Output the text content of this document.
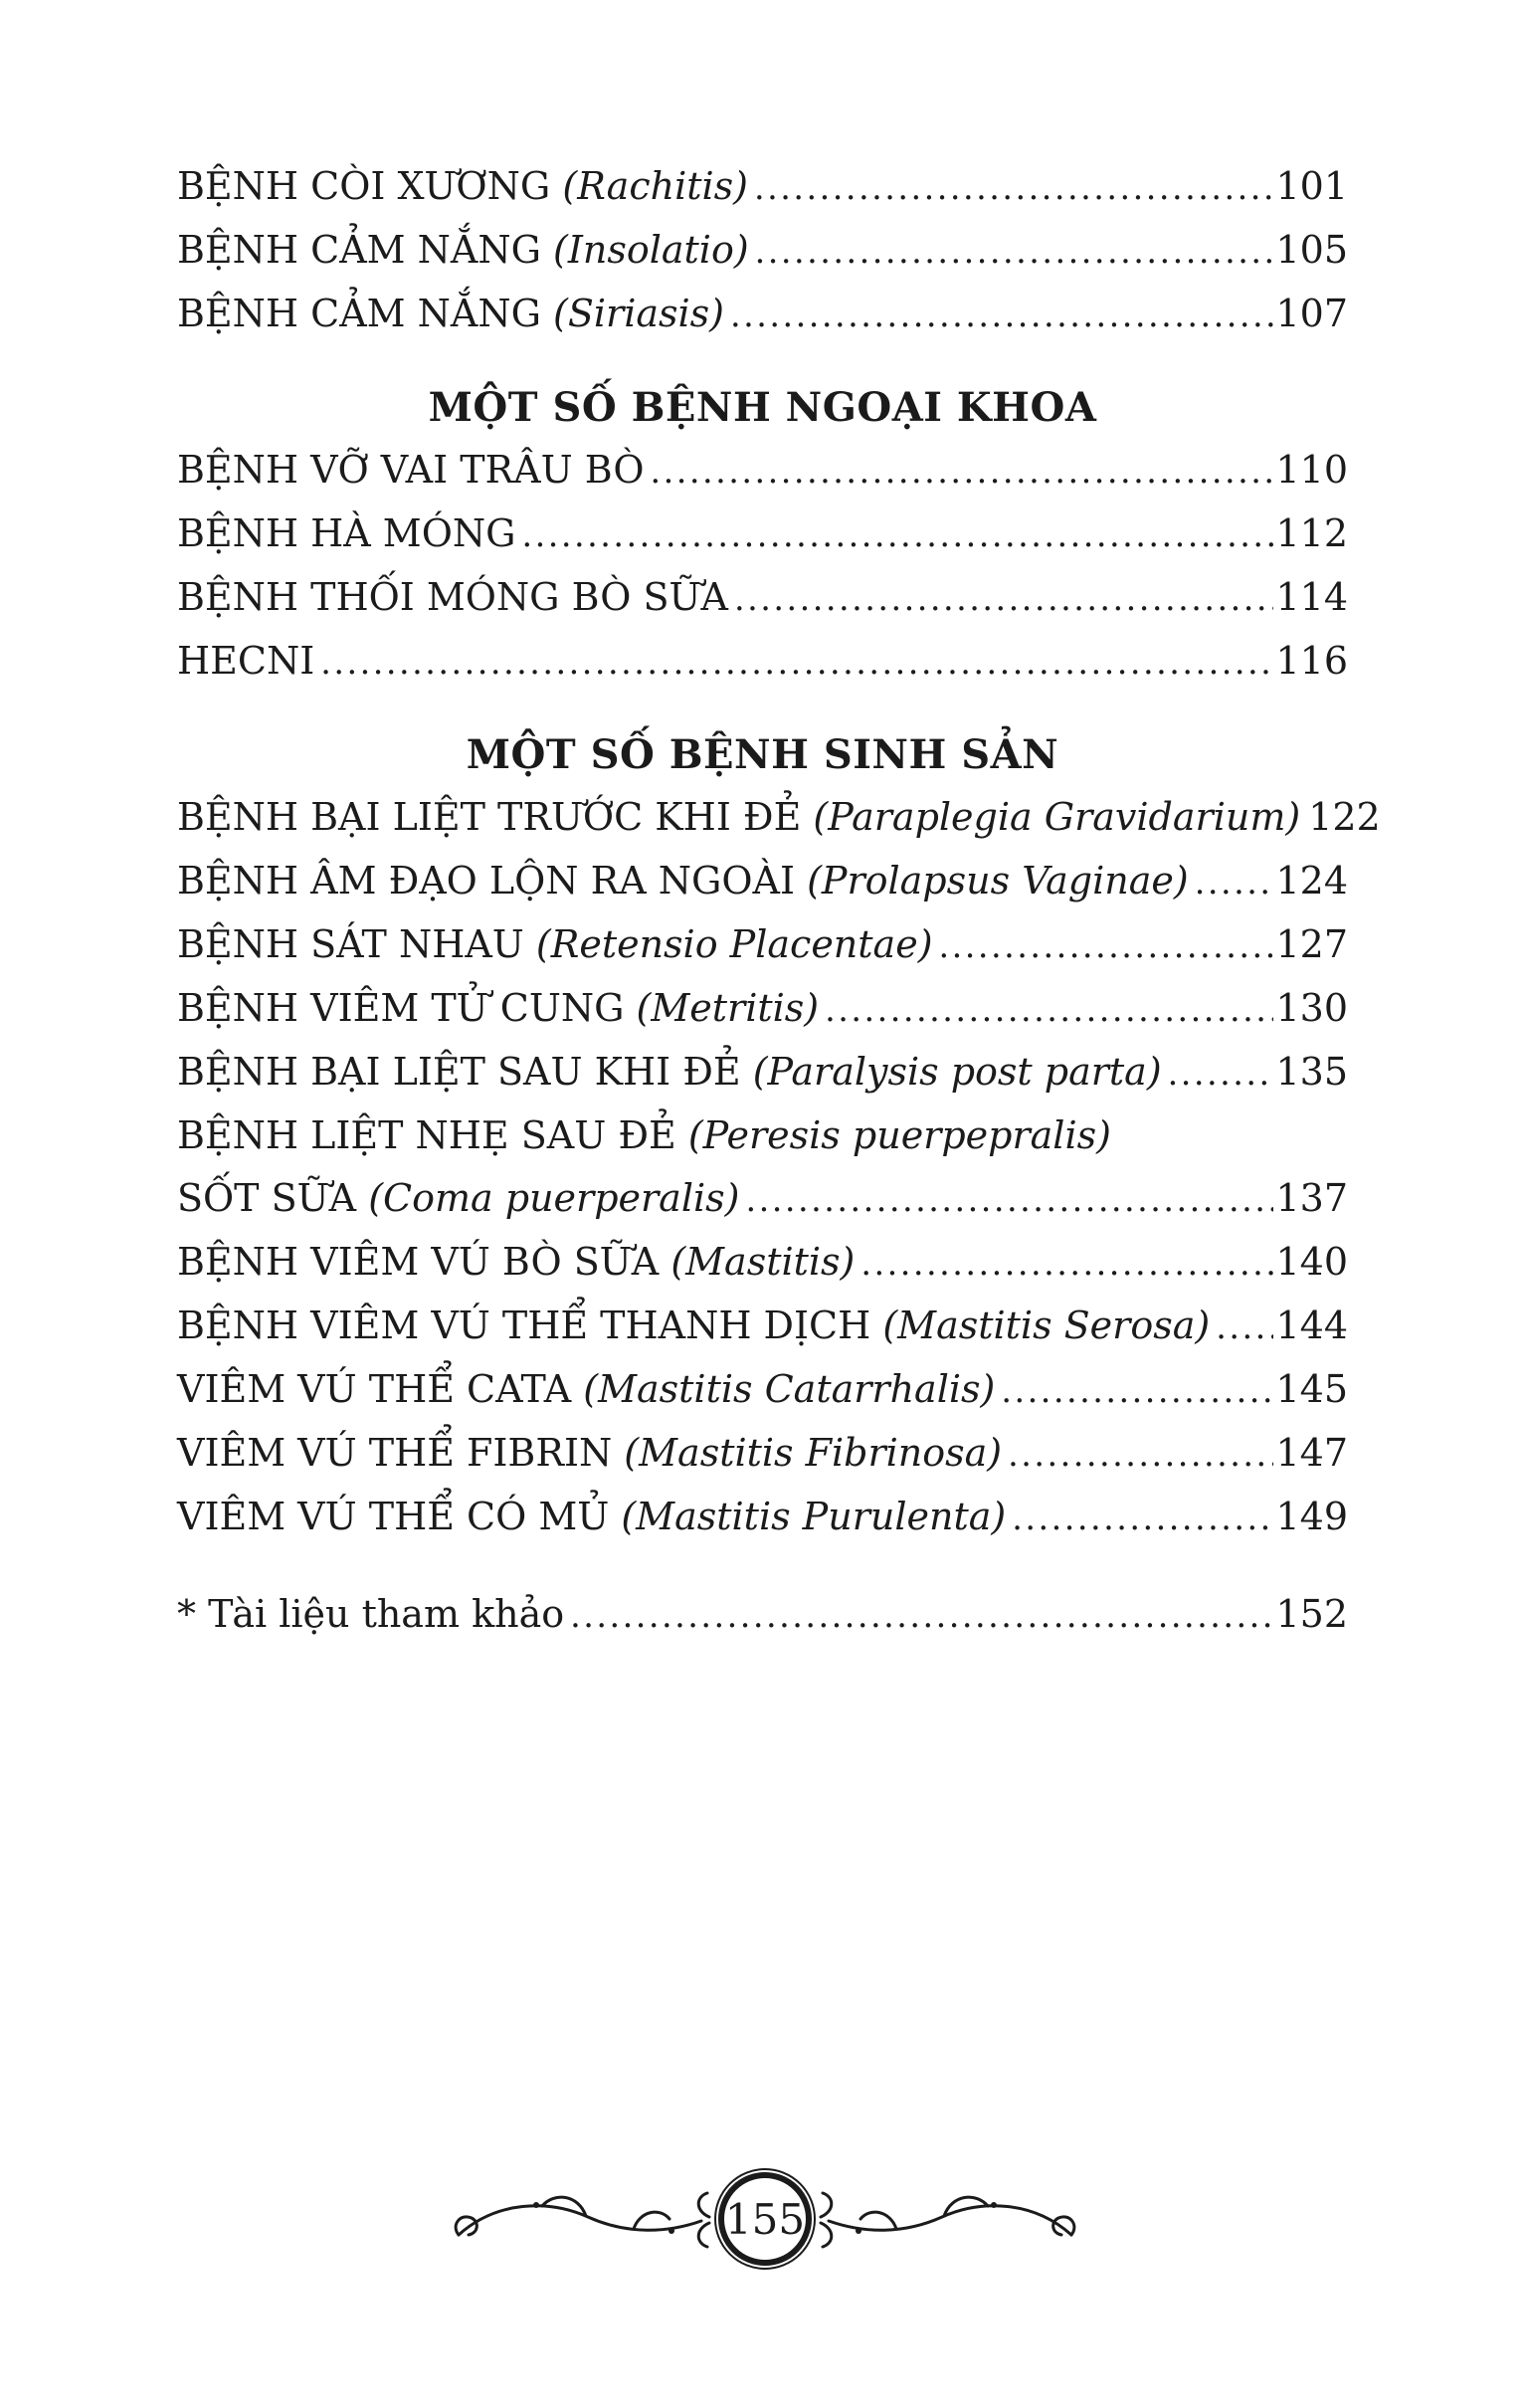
BỆNH CÒI XƯƠNG (Rachitis) .....	101
BỆNH CẢM NẮNG (Insolatio) .....	105
BỆNH CẢM NẮNG (Siriasis) .....	107
MỘT SỐ BỆNH NGOẠI KHOA
BỆNH VỠ VAI TRÂU BÒ .....	110
BỆNH HÀ MÓNG .....	112
BỆNH THỐI MÓNG BÒ SỮA .....	114
HECNI .....	116
MỘT SỐ BỆNH SINH SẢN
BỆNH BẠI LIỆT TRƯỚC KHI ĐẺ (Paraplegia Gravidarium) 122
BỆNH ÂM ĐẠO LỘN RA NGOÀI (Prolapsus Vaginae) ..... 124
BỆNH SÁT NHAU (Retensio Placentae) .....	127
BỆNH VIÊM TỬ CUNG (Metritis) .....	130
BỆNH BẠI LIỆT SAU KHI ĐẺ (Paralysis post parta) .....	135
BỆNH LIỆT NHẸ SAU ĐẺ (Peresis puerpepralis)
SỐT SỮA (Coma puerperalis) .....	137
BỆNH VIÊM VÚ BÒ SỮA (Mastitis) .....	140
BỆNH VIÊM VÚ THỂ THANH DỊCH (Mastitis Serosa) ..... 144
VIÊM VÚ THỂ CATA (Mastitis Catarrhalis) .....	145
VIÊM VÚ THỂ FIBRIN (Mastitis Fibrinosa) .....	147
VIÊM VÚ THỂ CÓ MỦ (Mastitis Purulenta) .....	149
* Tài liệu tham khảo .....	152
155
